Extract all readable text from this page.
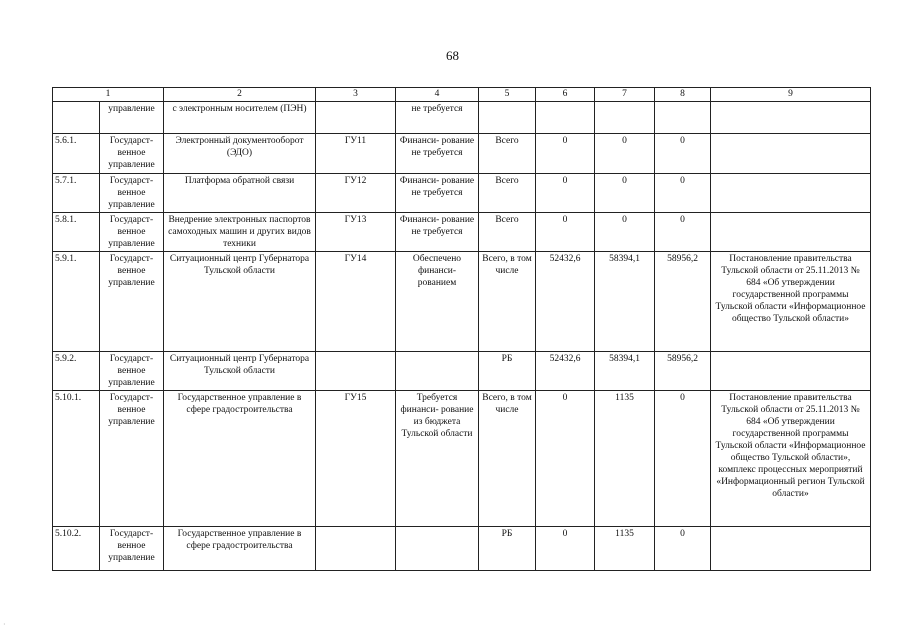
68
1		2	3	4	5	6	7	8	9
	управление	с электронным носителем (ПЭН)		не требуется					
5.6.1.	Государст- венное управление	Электронный документооборот (ЭДО)	ГУ11	Финанси- рование не требуется	Всего	0	0	0	
5.7.1.	Государст- венное управление	Платформа обратной связи	ГУ12	Финанси- рование не требуется	Всего	0	0	0	
5.8.1.	Государст- венное управление	Внедрение электронных паспортов самоходных машин и других видов техники	ГУ13	Финанси- рование не требуется	Всего	0	0	0	
5.9.1.	Государст- венное управление	Ситуационный центр Губернатора Тульской области	ГУ14	Обеспечено финанси- рованием	Всего, в том числе	52432,6	58394,1	58956,2	Постановление правительства Тульской области от 25.11.2013 № 684 «Об утверждении государственной программы Тульской области «Информационное общество Тульской области»
5.9.2.	Государст- венное управление	Ситуационный центр Губернатора Тульской области			РБ	52432,6	58394,1	58956,2	
5.10.1.	Государст- венное управление	Государственное управление в сфере градостроительства	ГУ15	Требуется финанси- рование из бюджета Тульской области	Всего, в том числе	0	1135	0	Постановление правительства Тульской области от 25.11.2013 № 684 «Об утверждении государственной программы Тульской области «Информационное общество Тульской области», комплекс процессных мероприятий «Информационный регион Тульской области»
5.10.2.	Государст- венное управление	Государственное управление в сфере градостроительства			РБ	0	1135	0	
·
